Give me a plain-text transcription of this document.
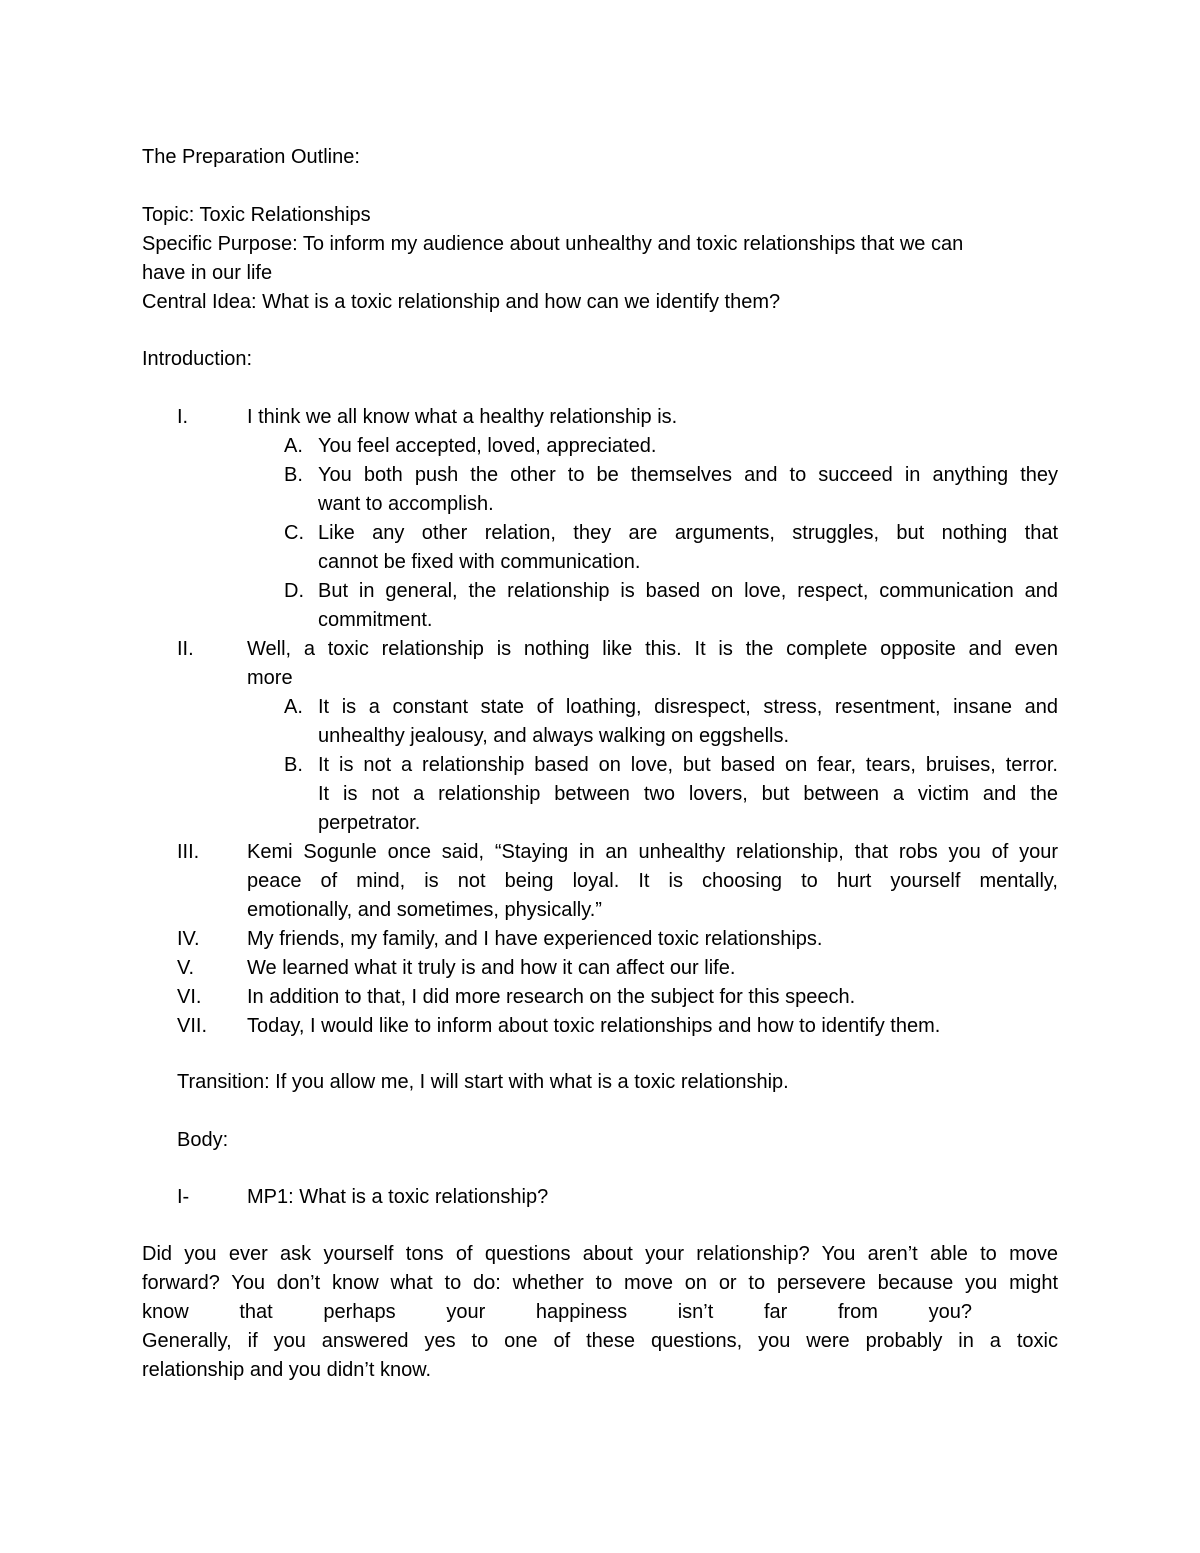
The Preparation Outline:
Topic: Toxic Relationships
Specific Purpose: To inform my audience about unhealthy and toxic relationships that we can
have in our life
Central Idea: What is a toxic relationship and how can we identify them?
Introduction:
I.	I think we all know what a healthy relationship is.
A. You feel accepted, loved, appreciated.
B. You both push the other to be themselves and to succeed in anything they
want to accomplish.
C. Like any other relation, they are arguments, struggles, but nothing that
cannot be fixed with communication.
D. But in general, the relationship is based on love, respect, communication and
commitment.
II.	Well, a toxic relationship is nothing like this. It is the complete opposite and even
more
A. It is a constant state of loathing, disrespect, stress, resentment, insane and
unhealthy jealousy, and always walking on eggshells.
B. It is not a relationship based on love, but based on fear, tears, bruises, terror.
It is not a relationship between two lovers, but between a victim and the
perpetrator.
III. Kemi Sogunle once said, “Staying in an unhealthy relationship, that robs you of your
peace of mind, is not being loyal. It is choosing to hurt yourself mentally,
emotionally, and sometimes, physically.”
IV. My friends, my family, and I have experienced toxic relationships.
V.	We learned what it truly is and how it can affect our life.
VI. In addition to that, I did more research on the subject for this speech.
VII. Today, I would like to inform about toxic relationships and how to identify them.
Transition: If you allow me, I will start with what is a toxic relationship.
Body:
I-	MP1: What is a toxic relationship?
Did you ever ask yourself tons of questions about your relationship? You aren’t able to move
forward? You don’t know what to do: whether to move on or to persevere because you might
know that perhaps your happiness isn’t far from you?
Generally, if you answered yes to one of these questions, you were probably in a toxic
relationship and you didn’t know.
